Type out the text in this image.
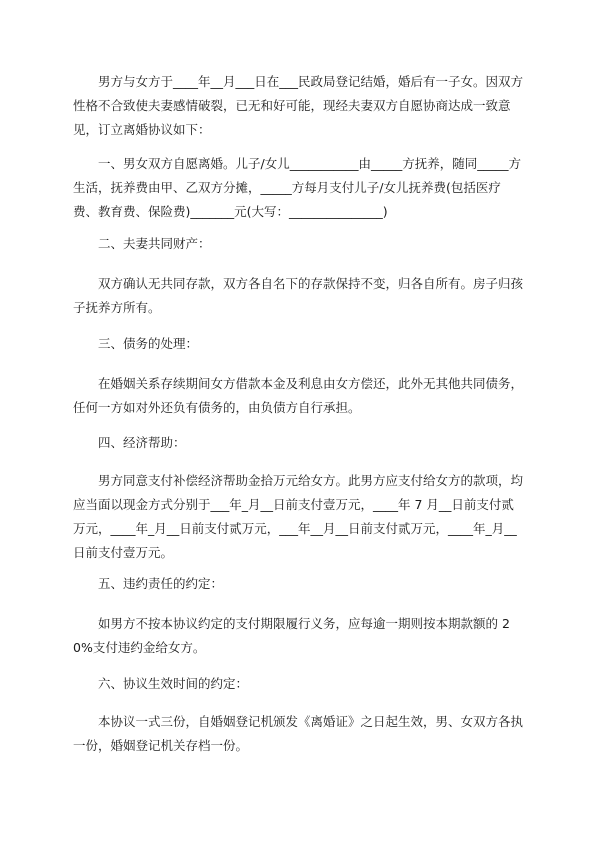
男方与女方于____年__月___日在___民政局登记结婚，婚后有一子女。因双方性格不合致使夫妻感情破裂，已无和好可能，现经夫妻双方自愿协商达成一致意见，订立离婚协议如下：

一、男女双方自愿离婚。儿子/女儿___________由_____方抚养，随同_____方生活，抚养费由甲、乙双方分摊，_____方每月支付儿子/女儿抚养费(包括医疗费、教育费、保险费)_______元(大写：_______________)

二、夫妻共同财产：

双方确认无共同存款，双方各自名下的存款保持不变，归各自所有。房子归孩子抚养方所有。

三、债务的处理：

在婚姻关系存续期间女方借款本金及利息由女方偿还，此外无其他共同债务，任何一方如对外还负有债务的，由负债方自行承担。

四、经济帮助：

男方同意支付补偿经济帮助金拾万元给女方。此男方应支付给女方的款项，均应当面以现金方式分别于___年_月__日前支付壹万元，____年 7 月__日前支付贰万元，____年_月__日前支付贰万元，___年__月__日前支付贰万元，____年_月__日前支付壹万元。

五、违约责任的约定：

如男方不按本协议约定的支付期限履行义务，应每逾一期则按本期款额的 20%支付违约金给女方。

六、协议生效时间的约定：

本协议一式三份，自婚姻登记机颁发《离婚证》之日起生效，男、女双方各执一份，婚姻登记机关存档一份。
